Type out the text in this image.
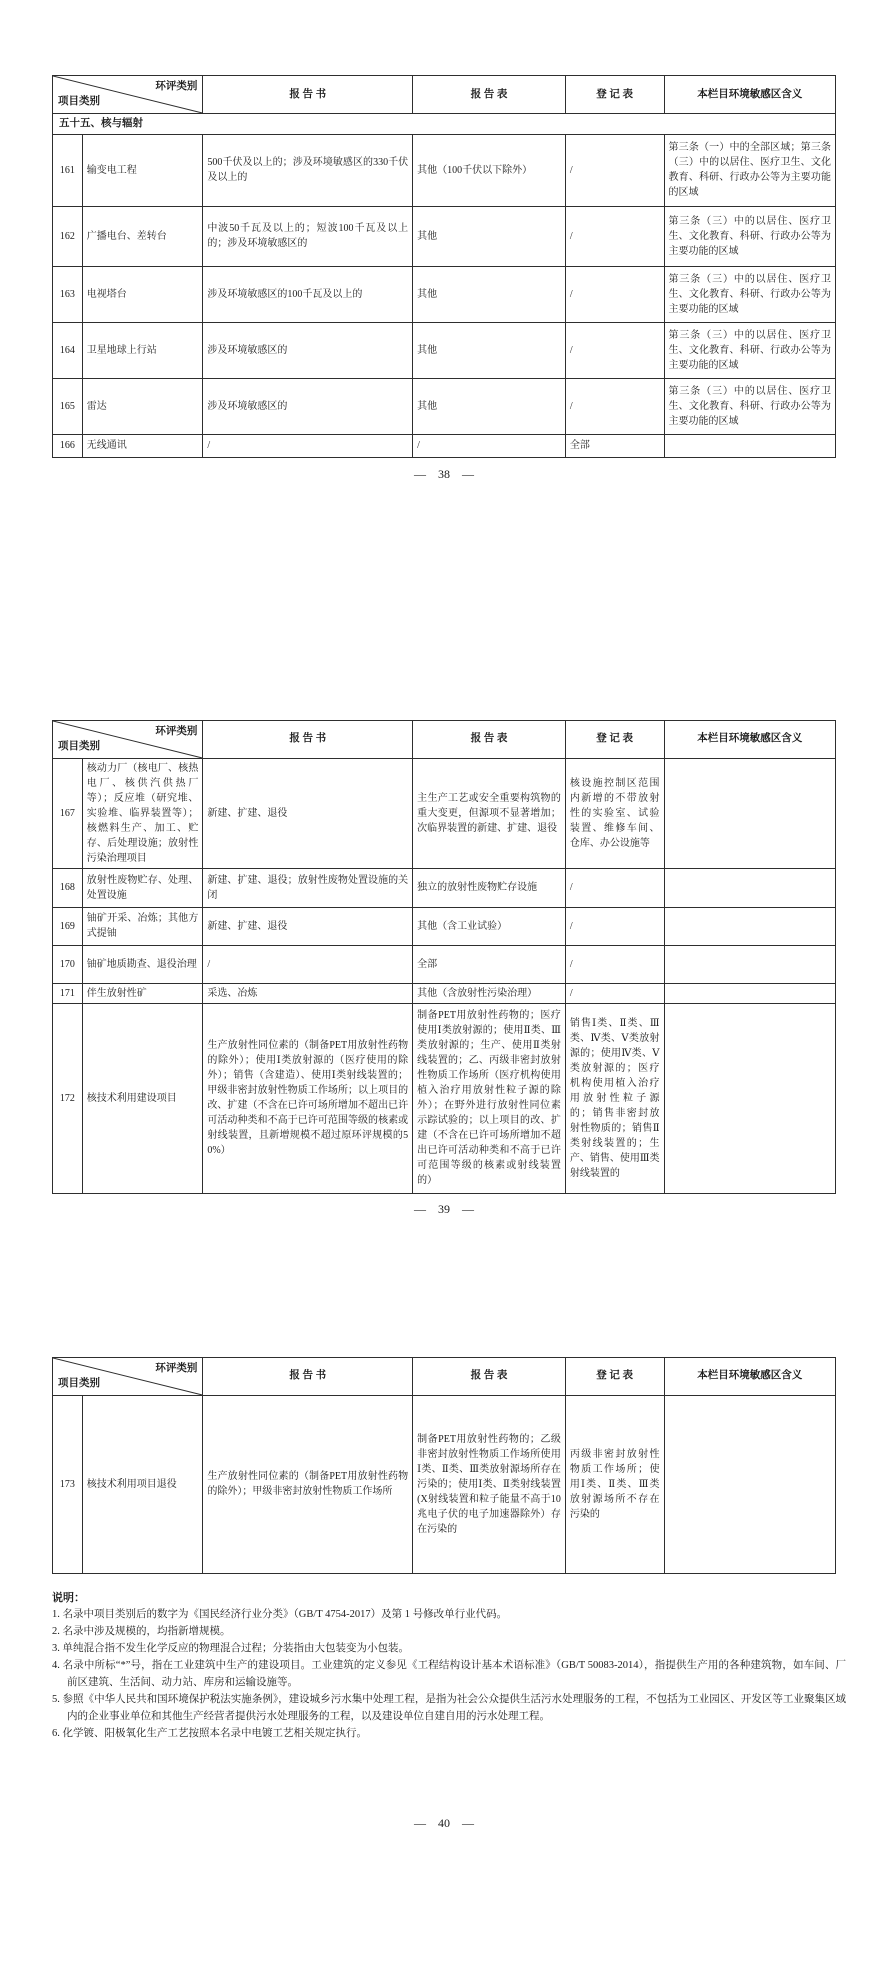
环评类别
项目类别		报 告 书	报 告 表	登 记 表	本栏目环境敏感区含义
五十五、核与辐射					
161	输变电工程	500千伏及以上的；涉及环境敏感区的330千伏及以上的	其他（100千伏以下除外）	/	第三条（一）中的全部区域；第三条（三）中的以居住、医疗卫生、文化教育、科研、行政办公等为主要功能的区域
162	广播电台、差转台	中波50千瓦及以上的；短波100千瓦及以上的；涉及环境敏感区的	其他	/	第三条（三）中的以居住、医疗卫生、文化教育、科研、行政办公等为主要功能的区域
163	电视塔台	涉及环境敏感区的100千瓦及以上的	其他	/	第三条（三）中的以居住、医疗卫生、文化教育、科研、行政办公等为主要功能的区域
164	卫星地球上行站	涉及环境敏感区的	其他	/	第三条（三）中的以居住、医疗卫生、文化教育、科研、行政办公等为主要功能的区域
165	雷达	涉及环境敏感区的	其他	/	第三条（三）中的以居住、医疗卫生、文化教育、科研、行政办公等为主要功能的区域
166	无线通讯	/	/	全部	
— 38 —
环评类别
项目类别		报 告 书	报 告 表	登 记 表	本栏目环境敏感区含义
167	核动力厂（核电厂、核热电厂、核供汽供热厂等）；反应堆（研究堆、实验堆、临界装置等）；核燃料生产、加工、贮存、后处理设施；放射性污染治理项目	新建、扩建、退役	主生产工艺或安全重要构筑物的重大变更，但源项不显著增加；次临界装置的新建、扩建、退役	核设施控制区范围内新增的不带放射性的实验室、试验装置、维修车间、仓库、办公设施等	
168	放射性废物贮存、处理、处置设施	新建、扩建、退役；放射性废物处置设施的关闭	独立的放射性废物贮存设施	/	
169	铀矿开采、冶炼；其他方式提铀	新建、扩建、退役	其他（含工业试验）	/	
170	铀矿地质勘查、退役治理	/	全部	/	
171	伴生放射性矿	采选、冶炼	其他（含放射性污染治理）	/	
172	核技术利用建设项目	生产放射性同位素的（制备PET用放射性药物的除外）；使用Ⅰ类放射源的（医疗使用的除外）；销售（含建造）、使用Ⅰ类射线装置的；甲级非密封放射性物质工作场所；以上项目的改、扩建（不含在已许可场所增加不超出已许可活动种类和不高于已许可范围等级的核素或射线装置，且新增规模不超过原环评规模的50%）	制备PET用放射性药物的；医疗使用Ⅰ类放射源的；使用Ⅱ类、Ⅲ类放射源的；生产、使用Ⅱ类射线装置的；乙、丙级非密封放射性物质工作场所（医疗机构使用植入治疗用放射性粒子源的除外）；在野外进行放射性同位素示踪试验的；以上项目的改、扩建（不含在已许可场所增加不超出已许可活动种类和不高于已许可范围等级的核素或射线装置的）	销售Ⅰ类、Ⅱ类、Ⅲ类、Ⅳ类、Ⅴ类放射源的；使用Ⅳ类、Ⅴ类放射源的；医疗机构使用植入治疗用放射性粒子源的；销售非密封放射性物质的；销售Ⅱ类射线装置的；生产、销售、使用Ⅲ类射线装置的	
— 39 —
环评类别
项目类别		报 告 书	报 告 表	登 记 表	本栏目环境敏感区含义
173	核技术利用项目退役	生产放射性同位素的（制备PET用放射性药物的除外）；甲级非密封放射性物质工作场所	制备PET用放射性药物的；乙级非密封放射性物质工作场所使用Ⅰ类、Ⅱ类、Ⅲ类放射源场所存在污染的；使用Ⅰ类、Ⅱ类射线装置(X射线装置和粒子能量不高于10兆电子伏的电子加速器除外）存在污染的	丙级非密封放射性物质工作场所；使用Ⅰ类、Ⅱ类、Ⅲ类放射源场所不存在污染的	
说明：

1. 名录中项目类别后的数字为《国民经济行业分类》（GB/T 4754-2017）及第 1 号修改单行业代码。

2. 名录中涉及规模的，均指新增规模。

3. 单纯混合指不发生化学反应的物理混合过程；分装指由大包装变为小包装。

4. 名录中所标“*”号，指在工业建筑中生产的建设项目。工业建筑的定义参见《工程结构设计基本术语标准》（GB/T 50083-2014），指提供生产用的各种建筑物，如车间、厂前区建筑、生活间、动力站、库房和运输设施等。

5. 参照《中华人民共和国环境保护税法实施条例》，建设城乡污水集中处理工程，是指为社会公众提供生活污水处理服务的工程，不包括为工业园区、开发区等工业聚集区域内的企业事业单位和其他生产经营者提供污水处理服务的工程，以及建设单位自建自用的污水处理工程。

6. 化学镀、阳极氧化生产工艺按照本名录中电镀工艺相关规定执行。

— 40 —
